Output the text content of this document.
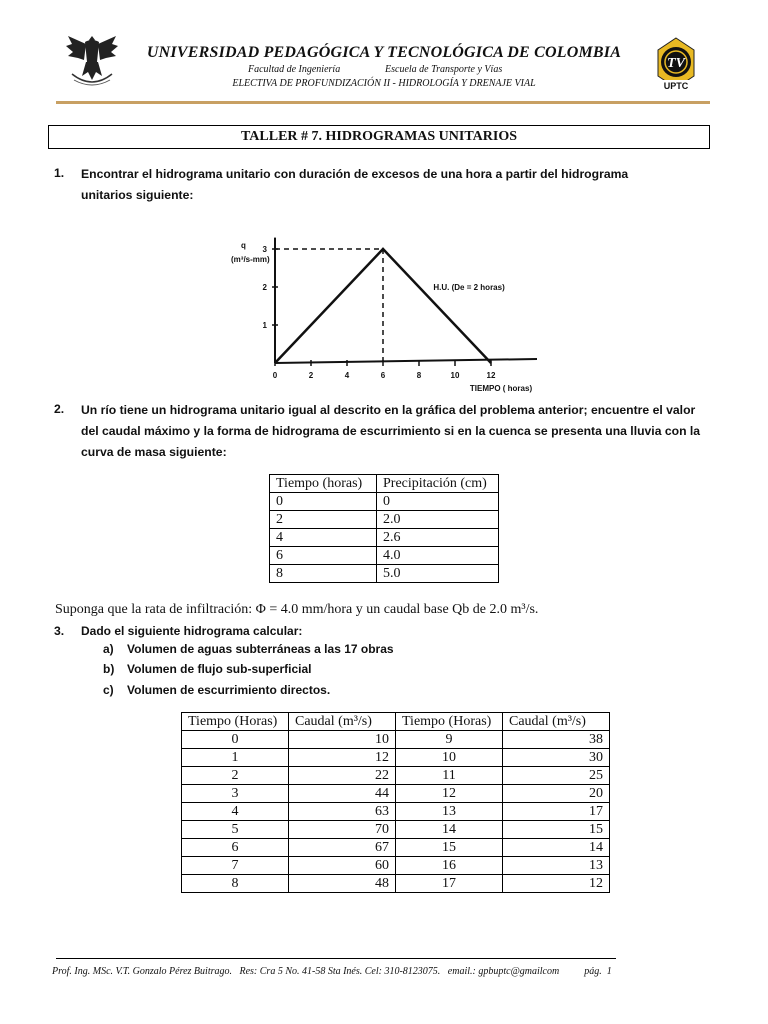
TV
UPTC
UNIVERSIDAD PEDAGÓGICA Y TECNOLÓGICA DE COLOMBIA
Facultad de Ingeniería	Escuela de Transporte y Vías
ELECTIVA DE PROFUNDIZACIÓN II - HIDROLOGÍA Y DRENAJE VIAL
TALLER # 7. HIDROGRAMAS UNITARIOS
1. Encontrar el hidrograma unitario con duración de excesos de una hora a partir del hidrograma unitarios siguiente:
0	2	4	6	8	10	12
1
2
3
q (m³/s-mm)
TIEMPO ( horas)
H.U. (De = 2 horas)
2. Un río tiene un hidrograma unitario igual al descrito en la gráfica del problema anterior; encuentre el valor del caudal máximo y la forma de hidrograma de escurrimiento si en la cuenca se presenta una lluvia con la curva de masa siguiente:
Tiempo (horas)	Precipitación (cm)
0	0
2	2.0
4	2.6
6	4.0
8	5.0
Suponga que la rata de infiltración: Φ = 4.0 mm/hora y un caudal base Qb de 2.0 m³/s.
3. Dado el siguiente hidrograma calcular:
a) Volumen de aguas subterráneas a las 17 obras
b) Volumen de flujo sub-superficial
c) Volumen de escurrimiento directos.
Tiempo (Horas)	Caudal (m³/s)	Tiempo (Horas)	Caudal (m³/s)
0	10	9	38
1	12	10	30
2	22	11	25
3	44	12	20
4	63	13	17
5	70	14	15
6	67	15	14
7	60	16	13
8	48	17	12
Prof. Ing. MSc. V.T. Gonzalo Pérez Buitrago.   Res: Cra 5 No. 41-58 Sta Inés. Cel: 310-8123075.   email.: gpbuptc@gmailcom          pág.  1
